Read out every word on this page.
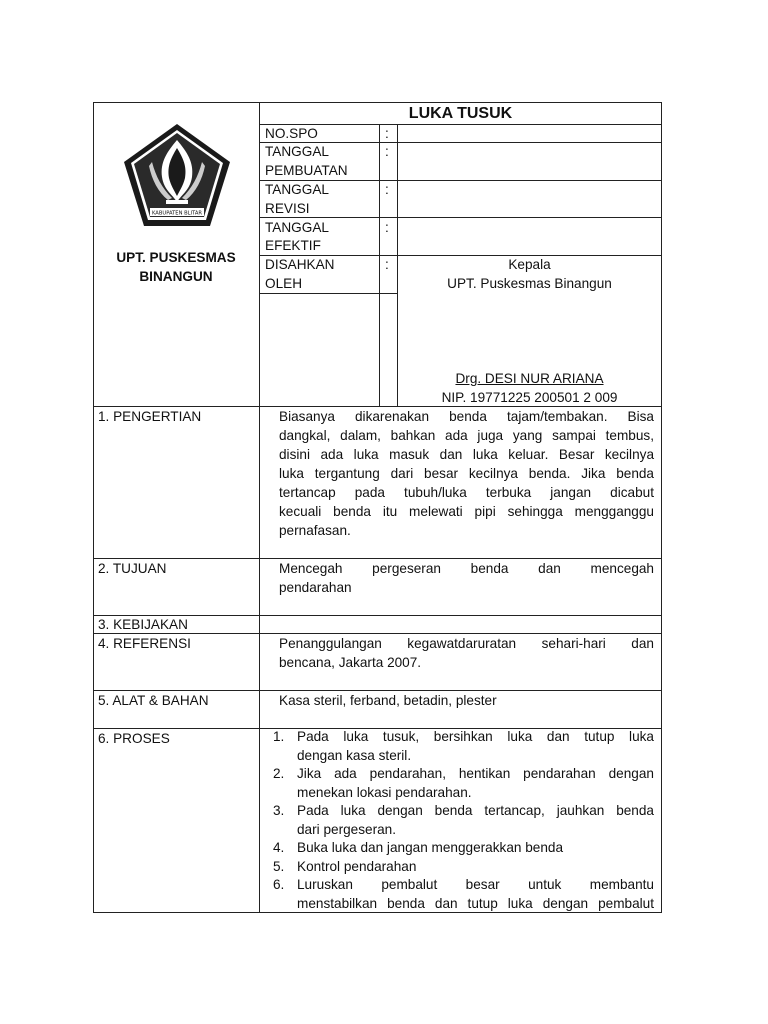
KABUPATEN BLITAR
UPT. PUSKESMAS
BINANGUN
LUKA TUSUK
NO.SPO	:
TANGGAL
PEMBUATAN
:
TANGGAL
REVISI
:
TANGGAL
EFEKTIF
:
DISAHKAN
OLEH
:	Kepala
UPT. Puskesmas Binangun
Drg. DESI NUR ARIANA
NIP. 19771225 200501 2 009
1. PENGERTIAN	Biasanya dikarenakan benda tajam/tembakan. Bisa
dangkal, dalam, bahkan ada juga yang sampai tembus,
disini ada luka masuk dan luka keluar. Besar kecilnya
luka tergantung dari besar kecilnya benda. Jika benda
tertancap pada tubuh/luka terbuka jangan dicabut
kecuali benda itu melewati pipi sehingga mengganggu
pernafasan.
2. TUJUAN	Mencegah pergeseran benda dan mencegah
pendarahan
3. KEBIJAKAN
4. REFERENSI	Penanggulangan kegawatdaruratan sehari-hari dan
bencana, Jakarta 2007.
5. ALAT & BAHAN	Kasa steril, ferband, betadin, plester
6. PROSES	1. Pada luka tusuk, bersihkan luka dan tutup luka
dengan kasa steril.
2. Jika ada pendarahan, hentikan pendarahan dengan
menekan lokasi pendarahan.
3. Pada luka dengan benda tertancap, jauhkan benda
dari pergeseran.
4. Buka luka dan jangan menggerakkan benda
5. Kontrol pendarahan
6. Luruskan pembalut besar untuk membantu
menstabilkan benda dan tutup luka dengan pembalut
